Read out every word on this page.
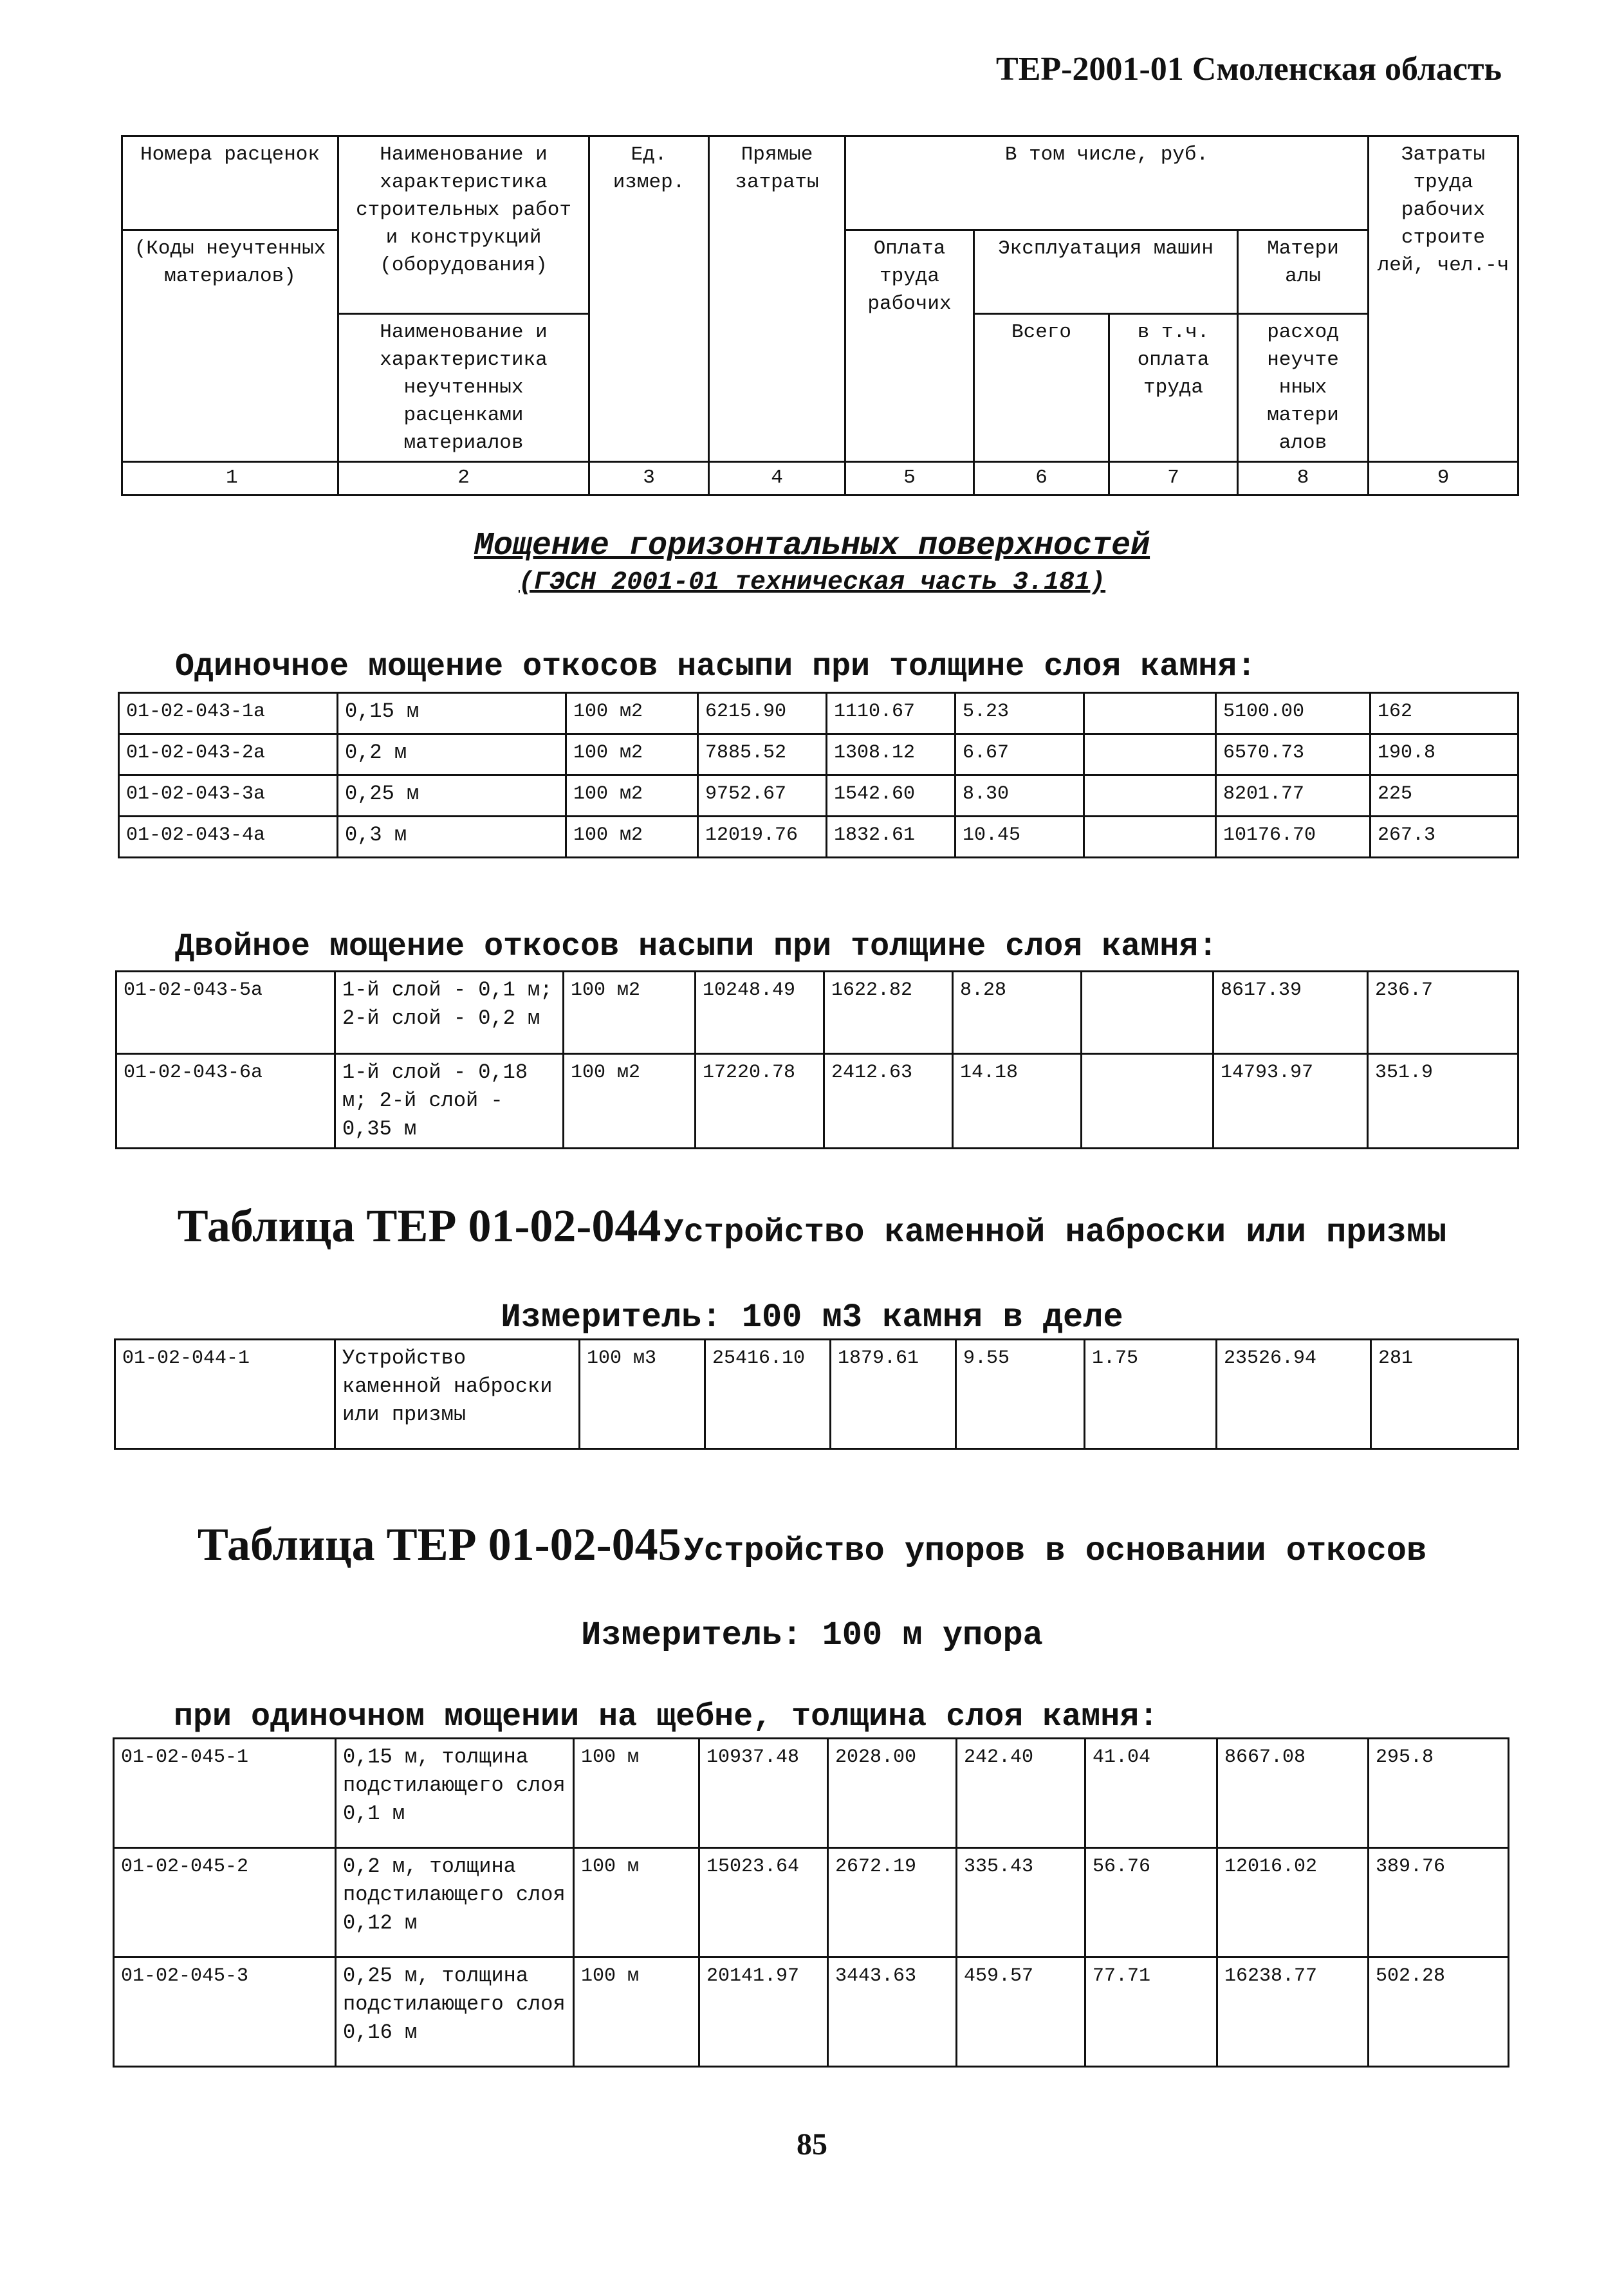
ТЕР-2001-01 Смоленская область
Номера расценок	Наименование и характеристика строительных работ и конструкций (оборудования)	Ед. измер.	Прямые затраты	В том числе, руб.				Затраты труда рабочих строите лей, чел.-ч
(Коды неучтенных материалов)				Оплата труда рабочих	Эксплуатация машин		Матери алы	
	Наименование и характеристика неучтенных расценками материалов				Всего	в т.ч. оплата труда	расход неучте нных матери алов	
1	2	3	4	5	6	7	8	9
Мощение горизонтальных поверхностей
(ГЭСН 2001-01 техническая часть 3.181)
Одиночное мощение откосов насыпи при толщине слоя камня:
01-02-043-1а	0,15 м	100 м2	6215.90	1110.67	5.23		5100.00	162
01-02-043-2а	0,2 м	100 м2	7885.52	1308.12	6.67		6570.73	190.8
01-02-043-3а	0,25 м	100 м2	9752.67	1542.60	8.30		8201.77	225
01-02-043-4а	0,3 м	100 м2	12019.76	1832.61	10.45		10176.70	267.3
Двойное мощение откосов насыпи при толщине слоя камня:
01-02-043-5а	1-й слой - 0,1 м; 2-й слой - 0,2 м	100 м2	10248.49	1622.82	8.28		8617.39	236.7
01-02-043-6а	1-й слой - 0,18 м; 2-й слой - 0,35 м	100 м2	17220.78	2412.63	14.18		14793.97	351.9
Таблица ТЕР 01-02-044 Устройство каменной наброски или призмы
Измеритель: 100 м3 камня в деле
01-02-044-1	Устройство каменной наброски или призмы	100 м3	25416.10	1879.61	9.55	1.75	23526.94	281
Таблица ТЕР 01-02-045 Устройство упоров в основании откосов
Измеритель: 100 м упора
при одиночном мощении на щебне, толщина слоя камня:
01-02-045-1	0,15 м, толщина подстилающего слоя 0,1 м	100 м	10937.48	2028.00	242.40	41.04	8667.08	295.8
01-02-045-2	0,2 м, толщина подстилающего слоя 0,12 м	100 м	15023.64	2672.19	335.43	56.76	12016.02	389.76
01-02-045-3	0,25 м, толщина подстилающего слоя 0,16 м	100 м	20141.97	3443.63	459.57	77.71	16238.77	502.28
85
